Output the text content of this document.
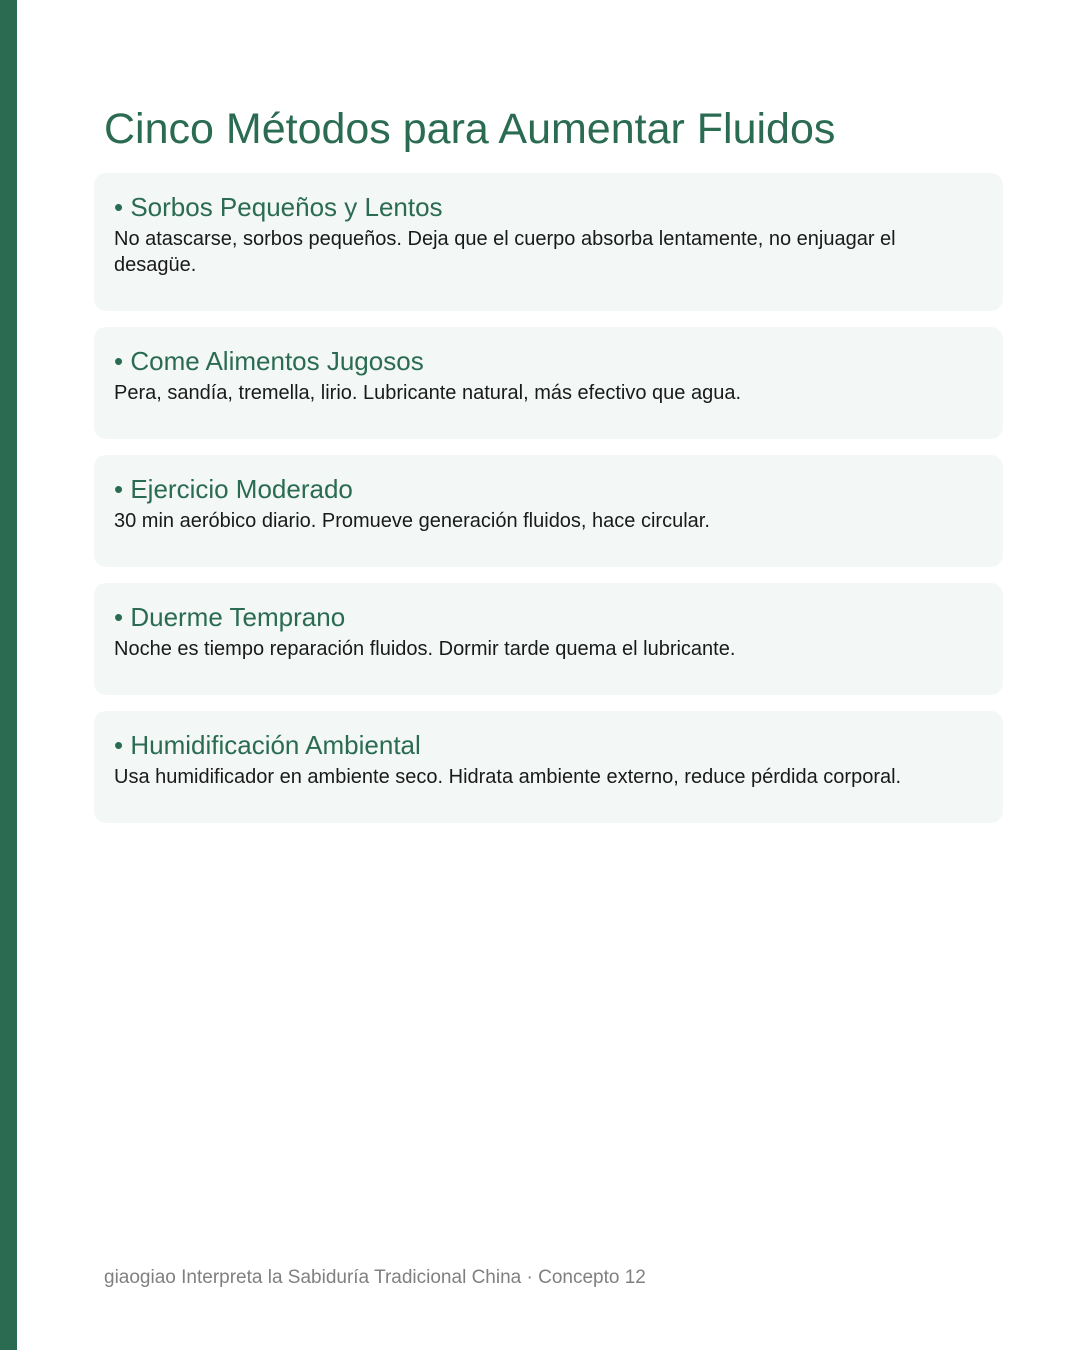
Cinco Métodos para Aumentar Fluidos
• Sorbos Pequeños y Lentos
No atascarse, sorbos pequeños. Deja que el cuerpo absorba lentamente, no enjuagar el desagüe.
• Come Alimentos Jugosos
Pera, sandía, tremella, lirio. Lubricante natural, más efectivo que agua.
• Ejercicio Moderado
30 min aeróbico diario. Promueve generación fluidos, hace circular.
• Duerme Temprano
Noche es tiempo reparación fluidos. Dormir tarde quema el lubricante.
• Humidificación Ambiental
Usa humidificador en ambiente seco. Hidrata ambiente externo, reduce pérdida corporal.
giaogiao Interpreta la Sabiduría Tradicional China · Concepto 12
